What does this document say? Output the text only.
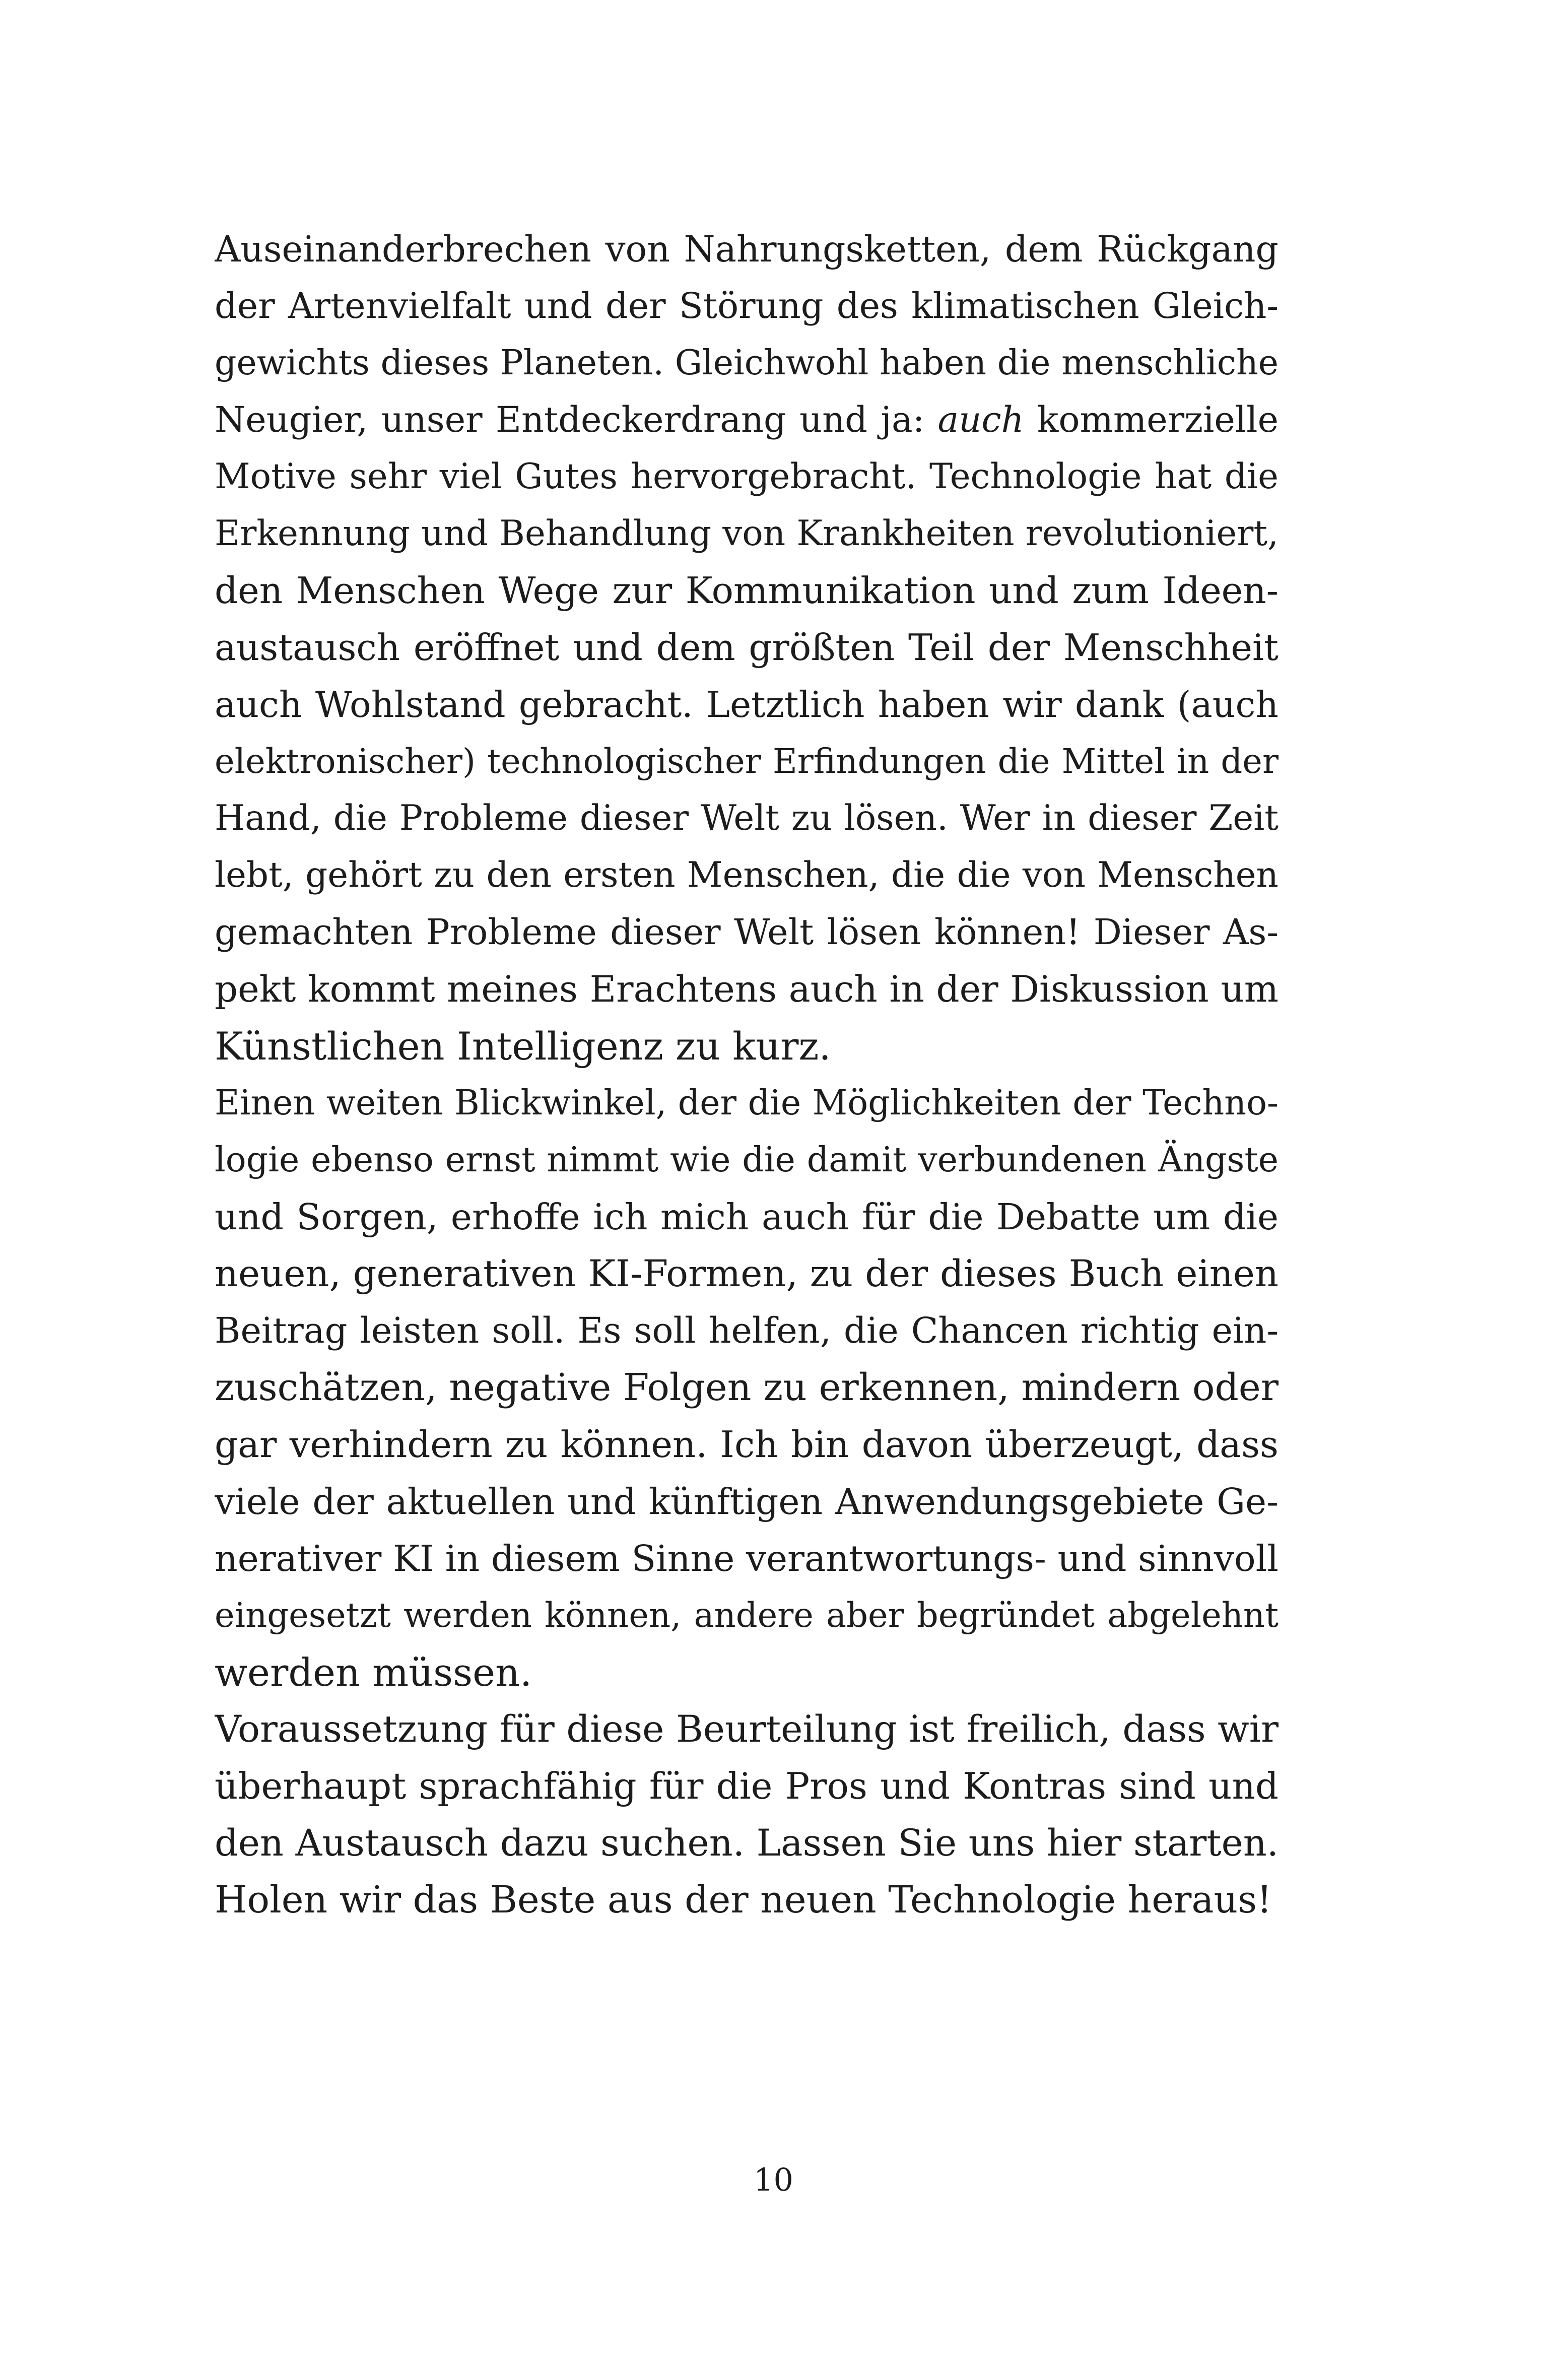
Auseinanderbrechen von Nahrungsketten, dem Rückgang
der Artenvielfalt und der Störung des klimatischen Gleich-
gewichts dieses Planeten. Gleichwohl haben die menschliche
Neugier, unser Entdeckerdrang und ja: auch kommerzielle
Motive sehr viel Gutes hervorgebracht. Technologie hat die
Erkennung und Behandlung von Krankheiten revolutioniert,
den Menschen Wege zur Kommunikation und zum Ideen-
austausch eröffnet und dem größten Teil der Menschheit
auch Wohlstand gebracht. Letztlich haben wir dank (auch
elektronischer) technologischer Erfindungen die Mittel in der
Hand, die Probleme dieser Welt zu lösen. Wer in dieser Zeit
lebt, gehört zu den ersten Menschen, die die von Menschen
gemachten Probleme dieser Welt lösen können! Dieser As-
pekt kommt meines Erachtens auch in der Diskussion um
Künstlichen Intelligenz zu kurz.
Einen weiten Blickwinkel, der die Möglichkeiten der Techno-
logie ebenso ernst nimmt wie die damit verbundenen Ängste
und Sorgen, erhoffe ich mich auch für die Debatte um die
neuen, generativen KI-Formen, zu der dieses Buch einen
Beitrag leisten soll. Es soll helfen, die Chancen richtig ein-
zuschätzen, negative Folgen zu erkennen, mindern oder
gar verhindern zu können. Ich bin davon überzeugt, dass
viele der aktuellen und künftigen Anwendungsgebiete Ge-
nerativer KI in diesem Sinne verantwortungs- und sinnvoll
eingesetzt werden können, andere aber begründet abgelehnt
werden müssen.
Voraussetzung für diese Beurteilung ist freilich, dass wir
überhaupt sprachfähig für die Pros und Kontras sind und
den Austausch dazu suchen. Lassen Sie uns hier starten.
Holen wir das Beste aus der neuen Technologie heraus!
10
